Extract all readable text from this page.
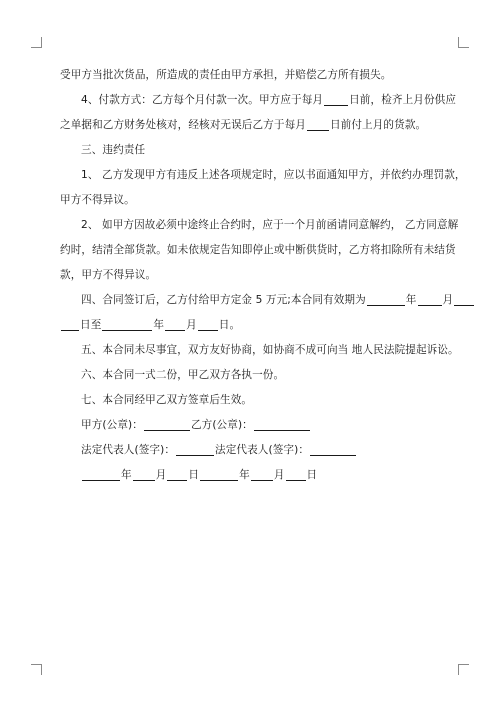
受甲方当批次货品，所造成的责任由甲方承担，并赔偿乙方所有损失。
4、付款方式：乙方每个月付款一次。甲方应于每月 日前，检齐上月份供应
之单据和乙方财务处核对，经核对无误后乙方于每月 日前付上月的货款。
三、违约责任
1、 乙方发现甲方有违反上述各项规定时，应以书面通知甲方，并依约办理罚款，
甲方不得异议。
2、 如甲方因故必须中途终止合约时，应于一个月前函请同意解约， 乙方同意解
约时，结清全部货款。如未依规定告知即停止或中断供货时，乙方将扣除所有未结货
款，甲方不得异议。
四、合同签订后，乙方付给甲方定金 5 万元;本合同有效期为	年 月
日至	年 月 日。
五、本合同未尽事宜，双方友好协商，如协商不成可向当 地人民法院提起诉讼。
六、本合同一式二份，甲乙双方各执一份。
七、本合同经甲乙双方签章后生效。
甲方(公章)：	乙方(公章)：
法定代表人(签字)：	法定代表人(签字)：
年 月 日	年 月 日
